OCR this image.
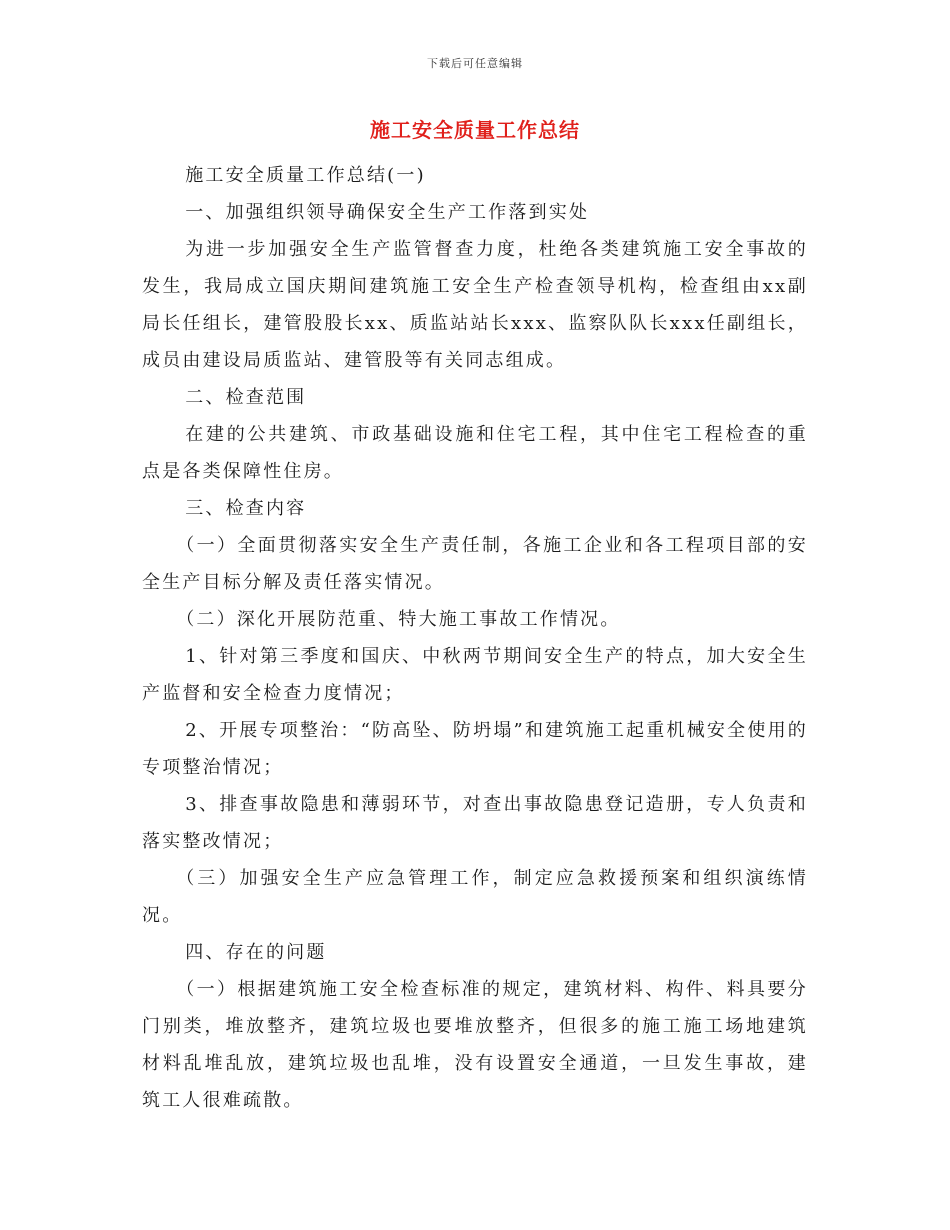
下载后可任意编辑
施工安全质量工作总结

施工安全质量工作总结(一)

一、加强组织领导确保安全生产工作落到实处

为进一步加强安全生产监管督查力度，杜绝各类建筑施工安全事故的发生，我局成立国庆期间建筑施工安全生产检查领导机构，检查组由xx副局长任组长，建管股股长xx、质监站站长xxx、监察队队长xxx任副组长，成员由建设局质监站、建管股等有关同志组成。

二、检查范围

在建的公共建筑、市政基础设施和住宅工程，其中住宅工程检查的重点是各类保障性住房。

三、检查内容

（一）全面贯彻落实安全生产责任制，各施工企业和各工程项目部的安全生产目标分解及责任落实情况。

（二）深化开展防范重、特大施工事故工作情况。

1、针对第三季度和国庆、中秋两节期间安全生产的特点，加大安全生产监督和安全检查力度情况；

2、开展专项整治：“防高坠、防坍塌”和建筑施工起重机械安全使用的专项整治情况；

3、排查事故隐患和薄弱环节，对查出事故隐患登记造册，专人负责和落实整改情况；

（三）加强安全生产应急管理工作，制定应急救援预案和组织演练情况。

四、存在的问题

（一）根据建筑施工安全检查标准的规定，建筑材料、构件、料具要分门别类，堆放整齐，建筑垃圾也要堆放整齐，但很多的施工施工场地建筑材料乱堆乱放，建筑垃圾也乱堆，没有设置安全通道，一旦发生事故，建筑工人很难疏散。
